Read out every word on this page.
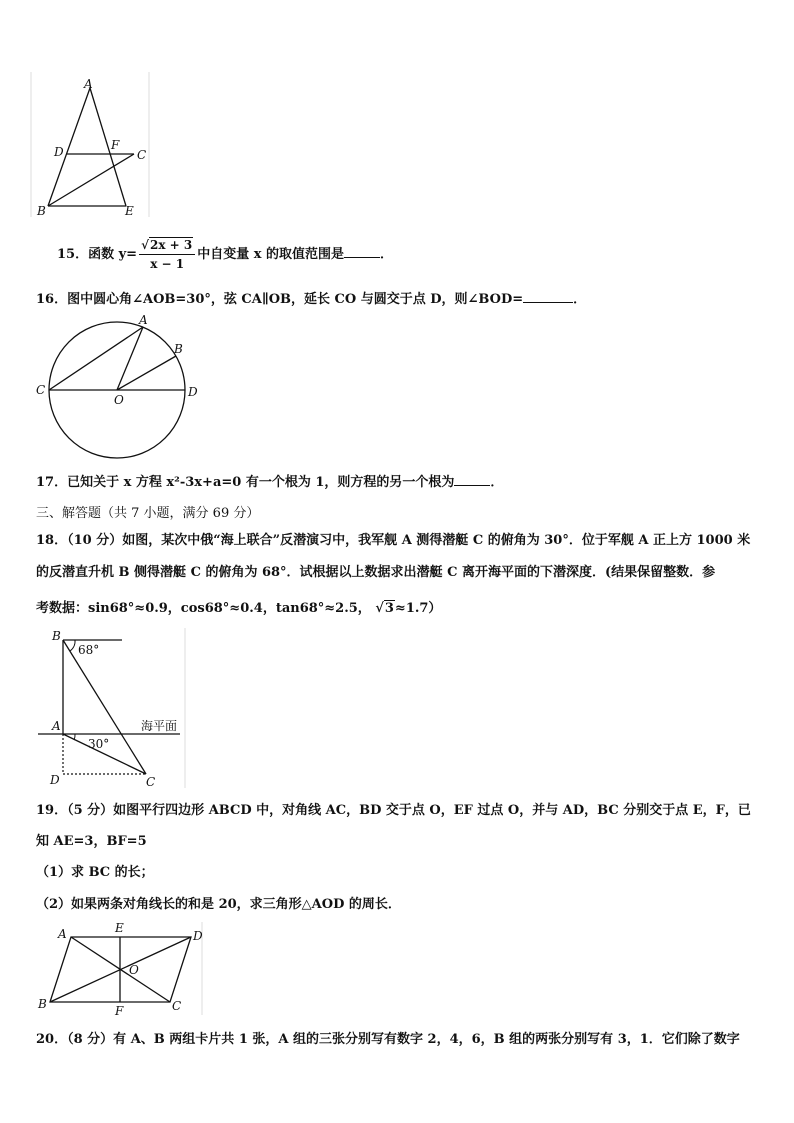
A
D	F
C
B	E
15．函数 $y= \frac{√2x + 3}{x - 1}$ 中自变量 x 的取值范围是	．
16．图中圆心角∠AOB=30°，弦 CA∥OB，延长 CO 与圆交于点 D，则∠BOD=	．
A
B
C	D
O
17．已知关于 x 方程 x²-3x+a=0 有一个根为 1，则方程的另一个根为	．
三、解答题（共 7 小题，满分 69 分）
18．（10 分）如图，某次中俄“海上联合”反潜演习中，我军舰 A 测得潜艇 C 的俯角为 30°．位于军舰 A 正上方 1000 米
的反潜直升机 B 侧得潜艇 C 的俯角为 68°．试根据以上数据求出潜艇 C 离开海平面的下潜深度．(结果保留整数．参
考数据：sin68°≈0.9，cos68°≈0.4，tan68°≈2.5， √3≈1.7）
B
68°
A	海平面
30°
D	C
19．（5 分）如图平行四边形 ABCD 中，对角线 AC，BD 交于点 O，EF 过点 O，并与 AD，BC 分别交于点 E，F，已
知 AE=3，BF=5
（1）求 BC 的长；
（2）如果两条对角线长的和是 20，求三角形△AOD 的周长．
A	E
D
O
B	F	C
20．（8 分）有 A、B 两组卡片共 1 张，A 组的三张分别写有数字 2，4，6，B 组的两张分别写有 3，1．它们除了数字
